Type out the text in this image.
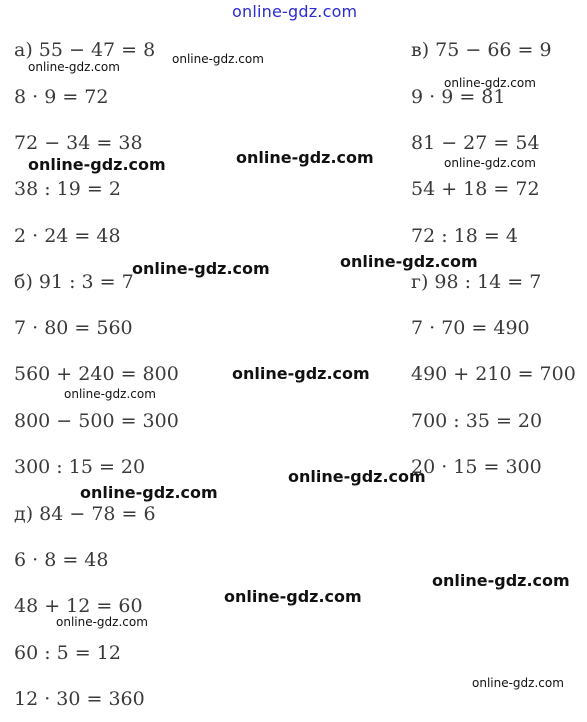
online-gdz.com
а) 55 − 47 = 8
8 · 9 = 72
72 − 34 = 38
38 : 19 = 2
2 · 24 = 48
в) 75 − 66 = 9
9 · 9 = 81
81 − 27 = 54
54 + 18 = 72
72 : 18 = 4
б) 91 : 3 = 7
7 · 80 = 560
560 + 240 = 800
800 − 500 = 300
300 : 15 = 20
г) 98 : 14 = 7
7 · 70 = 490
490 + 210 = 700
700 : 35 = 20
20 · 15 = 300
д) 84 − 78 = 6
6 · 8 = 48
48 + 12 = 60
60 : 5 = 12
12 · 30 = 360
online-gdz.com
online-gdz.com
online-gdz.com
online-gdz.com	online-gdz.com	online-gdz.com
online-gdz.com	online-gdz.com
online-gdz.com
online-gdz.com
online-gdz.com
online-gdz.com
online-gdz.com
online-gdz.com
online-gdz.com
online-gdz.com
